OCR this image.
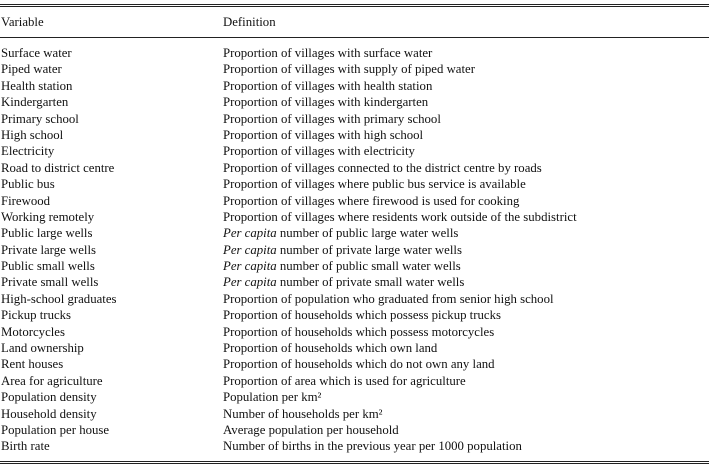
Variable	Definition
Surface water	Proportion of villages with surface water
Piped water	Proportion of villages with supply of piped water
Health station	Proportion of villages with health station
Kindergarten	Proportion of villages with kindergarten
Primary school	Proportion of villages with primary school
High school	Proportion of villages with high school
Electricity	Proportion of villages with electricity
Road to district centre	Proportion of villages connected to the district centre by roads
Public bus	Proportion of villages where public bus service is available
Firewood	Proportion of villages where firewood is used for cooking
Working remotely	Proportion of villages where residents work outside of the subdistrict
Public large wells	Per capita number of public large water wells
Private large wells	Per capita number of private large water wells
Public small wells	Per capita number of public small water wells
Private small wells	Per capita number of private small water wells
High-school graduates	Proportion of population who graduated from senior high school
Pickup trucks	Proportion of households which possess pickup trucks
Motorcycles	Proportion of households which possess motorcycles
Land ownership	Proportion of households which own land
Rent houses	Proportion of households which do not own any land
Area for agriculture	Proportion of area which is used for agriculture
Population density	Population per km²
Household density	Number of households per km²
Population per house	Average population per household
Birth rate	Number of births in the previous year per 1000 population
